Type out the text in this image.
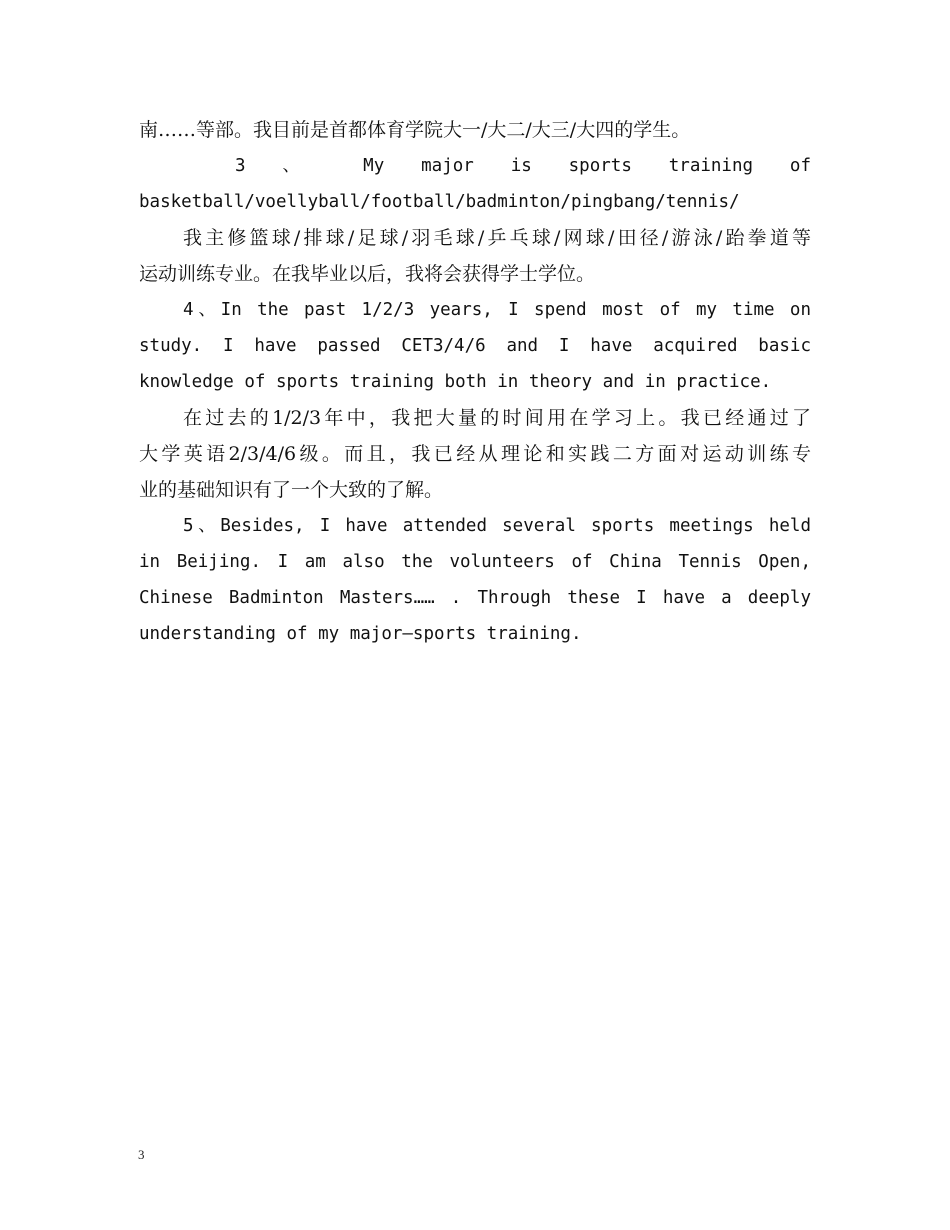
南……等部。我目前是首都体育学院大一/大二/大三/大四的学生。
3 、 My major is sports training of
basketball/voellyball/football/badminton/pingbang/tennis/
我主修篮球/排球/足球/羽毛球/乒乓球/网球/田径/游泳/跆拳道等
运动训练专业。在我毕业以后，我将会获得学士学位。
4、In the past 1/2/3 years, I spend most of my time on
study. I have passed CET3/4/6 and I have acquired basic
knowledge of sports training both in theory and in practice.
在过去的1/2/3年中，我把大量的时间用在学习上。我已经通过了
大学英语2/3/4/6级。而且，我已经从理论和实践二方面对运动训练专
业的基础知识有了一个大致的了解。
5、Besides, I have attended several sports meetings held
in Beijing. I am also the volunteers of China Tennis Open,
Chinese Badminton Masters…… . Through these I have a deeply
understanding of my major—sports training.
3
